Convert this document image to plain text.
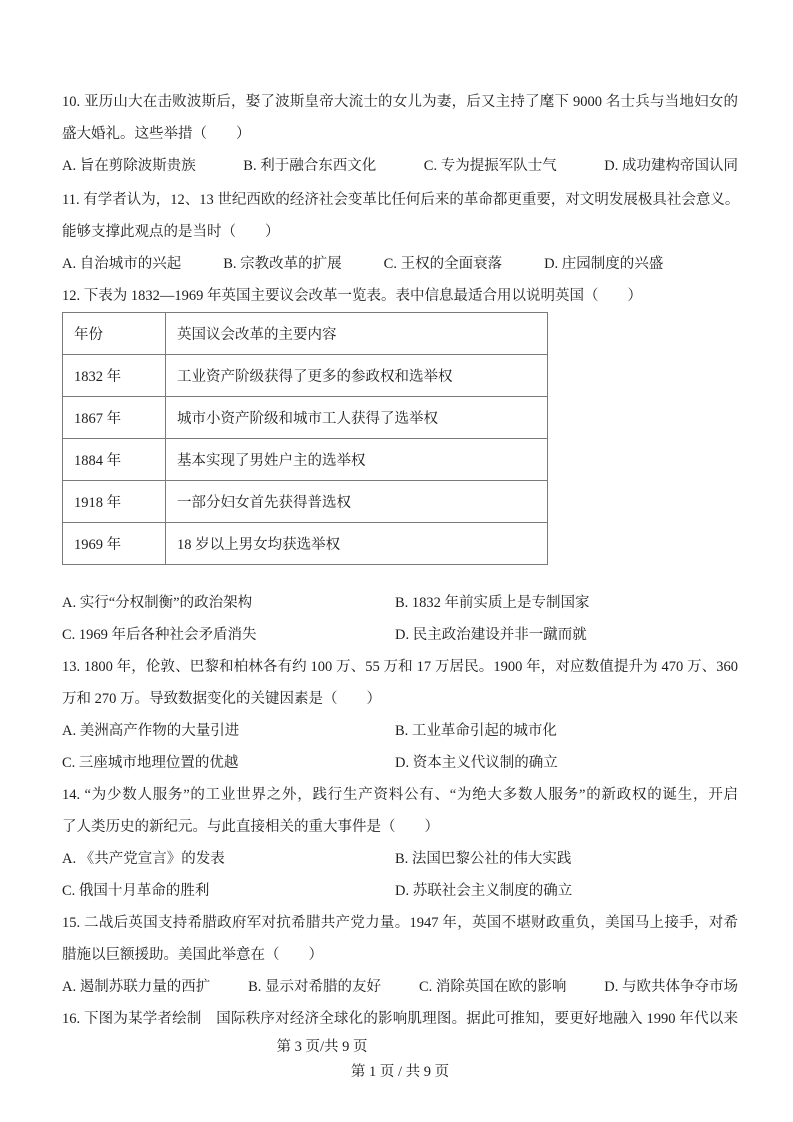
10. 亚历山大在击败波斯后，娶了波斯皇帝大流士的女儿为妻，后又主持了麾下 9000 名士兵与当地妇女的
盛大婚礼。这些举措（　　）
A. 旨在剪除波斯贵族	B. 利于融合东西文化	C. 专为提振军队士气	D. 成功建构帝国认同
11. 有学者认为，12、13 世纪西欧的经济社会变革比任何后来的革命都更重要，对文明发展极具社会意义。
能够支撑此观点的是当时（　　）
A. 自治城市的兴起	B. 宗教改革的扩展	C. 王权的全面衰落	D. 庄园制度的兴盛
12. 下表为 1832—1969 年英国主要议会改革一览表。表中信息最适合用以说明英国（　　）
年份	英国议会改革的主要内容
1832 年	工业资产阶级获得了更多的参政权和选举权
1867 年	城市小资产阶级和城市工人获得了选举权
1884 年	基本实现了男姓户主的选举权
1918 年	一部分妇女首先获得普选权
1969 年	18 岁以上男女均获选举权
A. 实行“分权制衡”的政治架构	B. 1832 年前实质上是专制国家
C. 1969 年后各种社会矛盾消失	D. 民主政治建设并非一蹴而就
13. 1800 年，伦敦、巴黎和柏林各有约 100 万、55 万和 17 万居民。1900 年，对应数值提升为 470 万、360
万和 270 万。导致数据变化的关键因素是（　　）
A. 美洲高产作物的大量引进	B. 工业革命引起的城市化
C. 三座城市地理位置的优越	D. 资本主义代议制的确立
14. “为少数人服务”的工业世界之外，践行生产资料公有、“为绝大多数人服务”的新政权的诞生，开启
了人类历史的新纪元。与此直接相关的重大事件是（　　）
A. 《共产党宣言》的发表	B. 法国巴黎公社的伟大实践
C. 俄国十月革命的胜利	D. 苏联社会主义制度的确立
15. 二战后英国支持希腊政府军对抗希腊共产党力量。1947 年，英国不堪财政重负，美国马上接手，对希
腊施以巨额援助。美国此举意在（　　）
A. 遏制苏联力量的西扩	B. 显示对希腊的友好	C. 消除英国在欧的影响	D. 与欧共体争夺市场
16. 下图为某学者绘制　国际秩序对经济全球化的影响肌理图。据此可推知，要更好地融入 1990 年代以来
第 3 页/共 9 页
第 1 页 / 共 9 页
